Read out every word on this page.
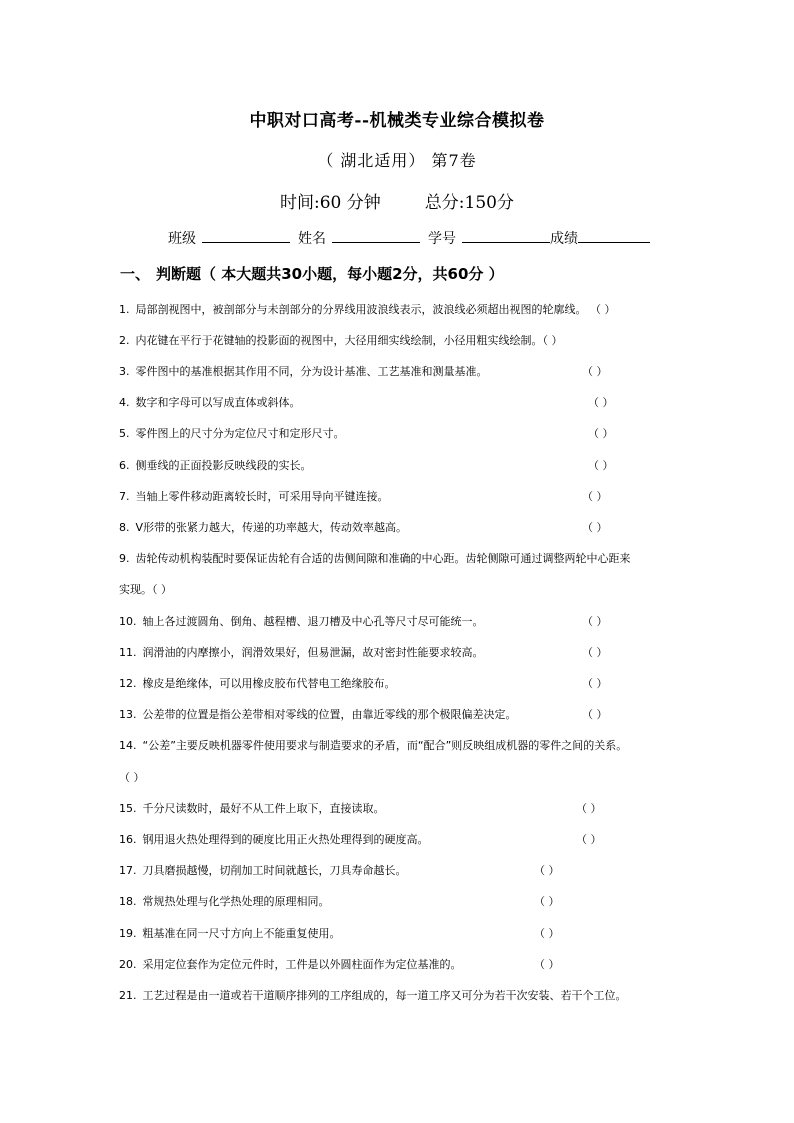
中职对口高考--机械类专业综合模拟卷
（ 湖北适用） 第7卷
时间:60 分钟	总分:150分
班级	姓名	学号	成绩
一、 判断题（ 本大题共30小题，每小题2分，共60分 ）
1. 局部剖视图中，被剖部分与未剖部分的分界线用波浪线表示，波浪线必须超出视图的轮廓线。 （ ）
2. 内花键在平行于花键轴的投影面的视图中，大径用细实线绘制，小径用粗实线绘制。（ ）
3. 零件图中的基准根据其作用不同，分为设计基准、工艺基准和测量基准。	（ ）
4. 数字和字母可以写成直体或斜体。	（ ）
5. 零件图上的尺寸分为定位尺寸和定形尺寸。	（ ）
6. 侧垂线的正面投影反映线段的实长。	（ ）
7. 当轴上零件移动距离较长时，可采用导向平键连接。	（ ）
8. V形带的张紧力越大，传递的功率越大，传动效率越高。	（ ）
9. 齿轮传动机构装配时要保证齿轮有合适的齿侧间隙和准确的中心距。齿轮侧隙可通过调整两轮中心距来
实现。（ ）
10. 轴上各过渡圆角、倒角、越程槽、退刀槽及中心孔等尺寸尽可能统一。	（ ）
11. 润滑油的内摩擦小，润滑效果好，但易泄漏，故对密封性能要求较高。	（ ）
12. 橡皮是绝缘体，可以用橡皮胶布代替电工绝缘胶布。	（ ）
13. 公差带的位置是指公差带相对零线的位置，由靠近零线的那个极限偏差决定。	（ ）
14. “公差”主要反映机器零件使用要求与制造要求的矛盾，而“配合”则反映组成机器的零件之间的关系。
（ ）
15. 千分尺读数时，最好不从工件上取下，直接读取。	（ ）
16. 钢用退火热处理得到的硬度比用正火热处理得到的硬度高。	（ ）
17. 刀具磨损越慢，切削加工时间就越长，刀具寿命越长。	（ ）
18. 常规热处理与化学热处理的原理相同。	（ ）
19. 粗基准在同一尺寸方向上不能重复使用。	（ ）
20. 采用定位套作为定位元件时，工件是以外圆柱面作为定位基准的。	（ ）
21. 工艺过程是由一道或若干道顺序排列的工序组成的，每一道工序又可分为若干次安装、若干个工位。
